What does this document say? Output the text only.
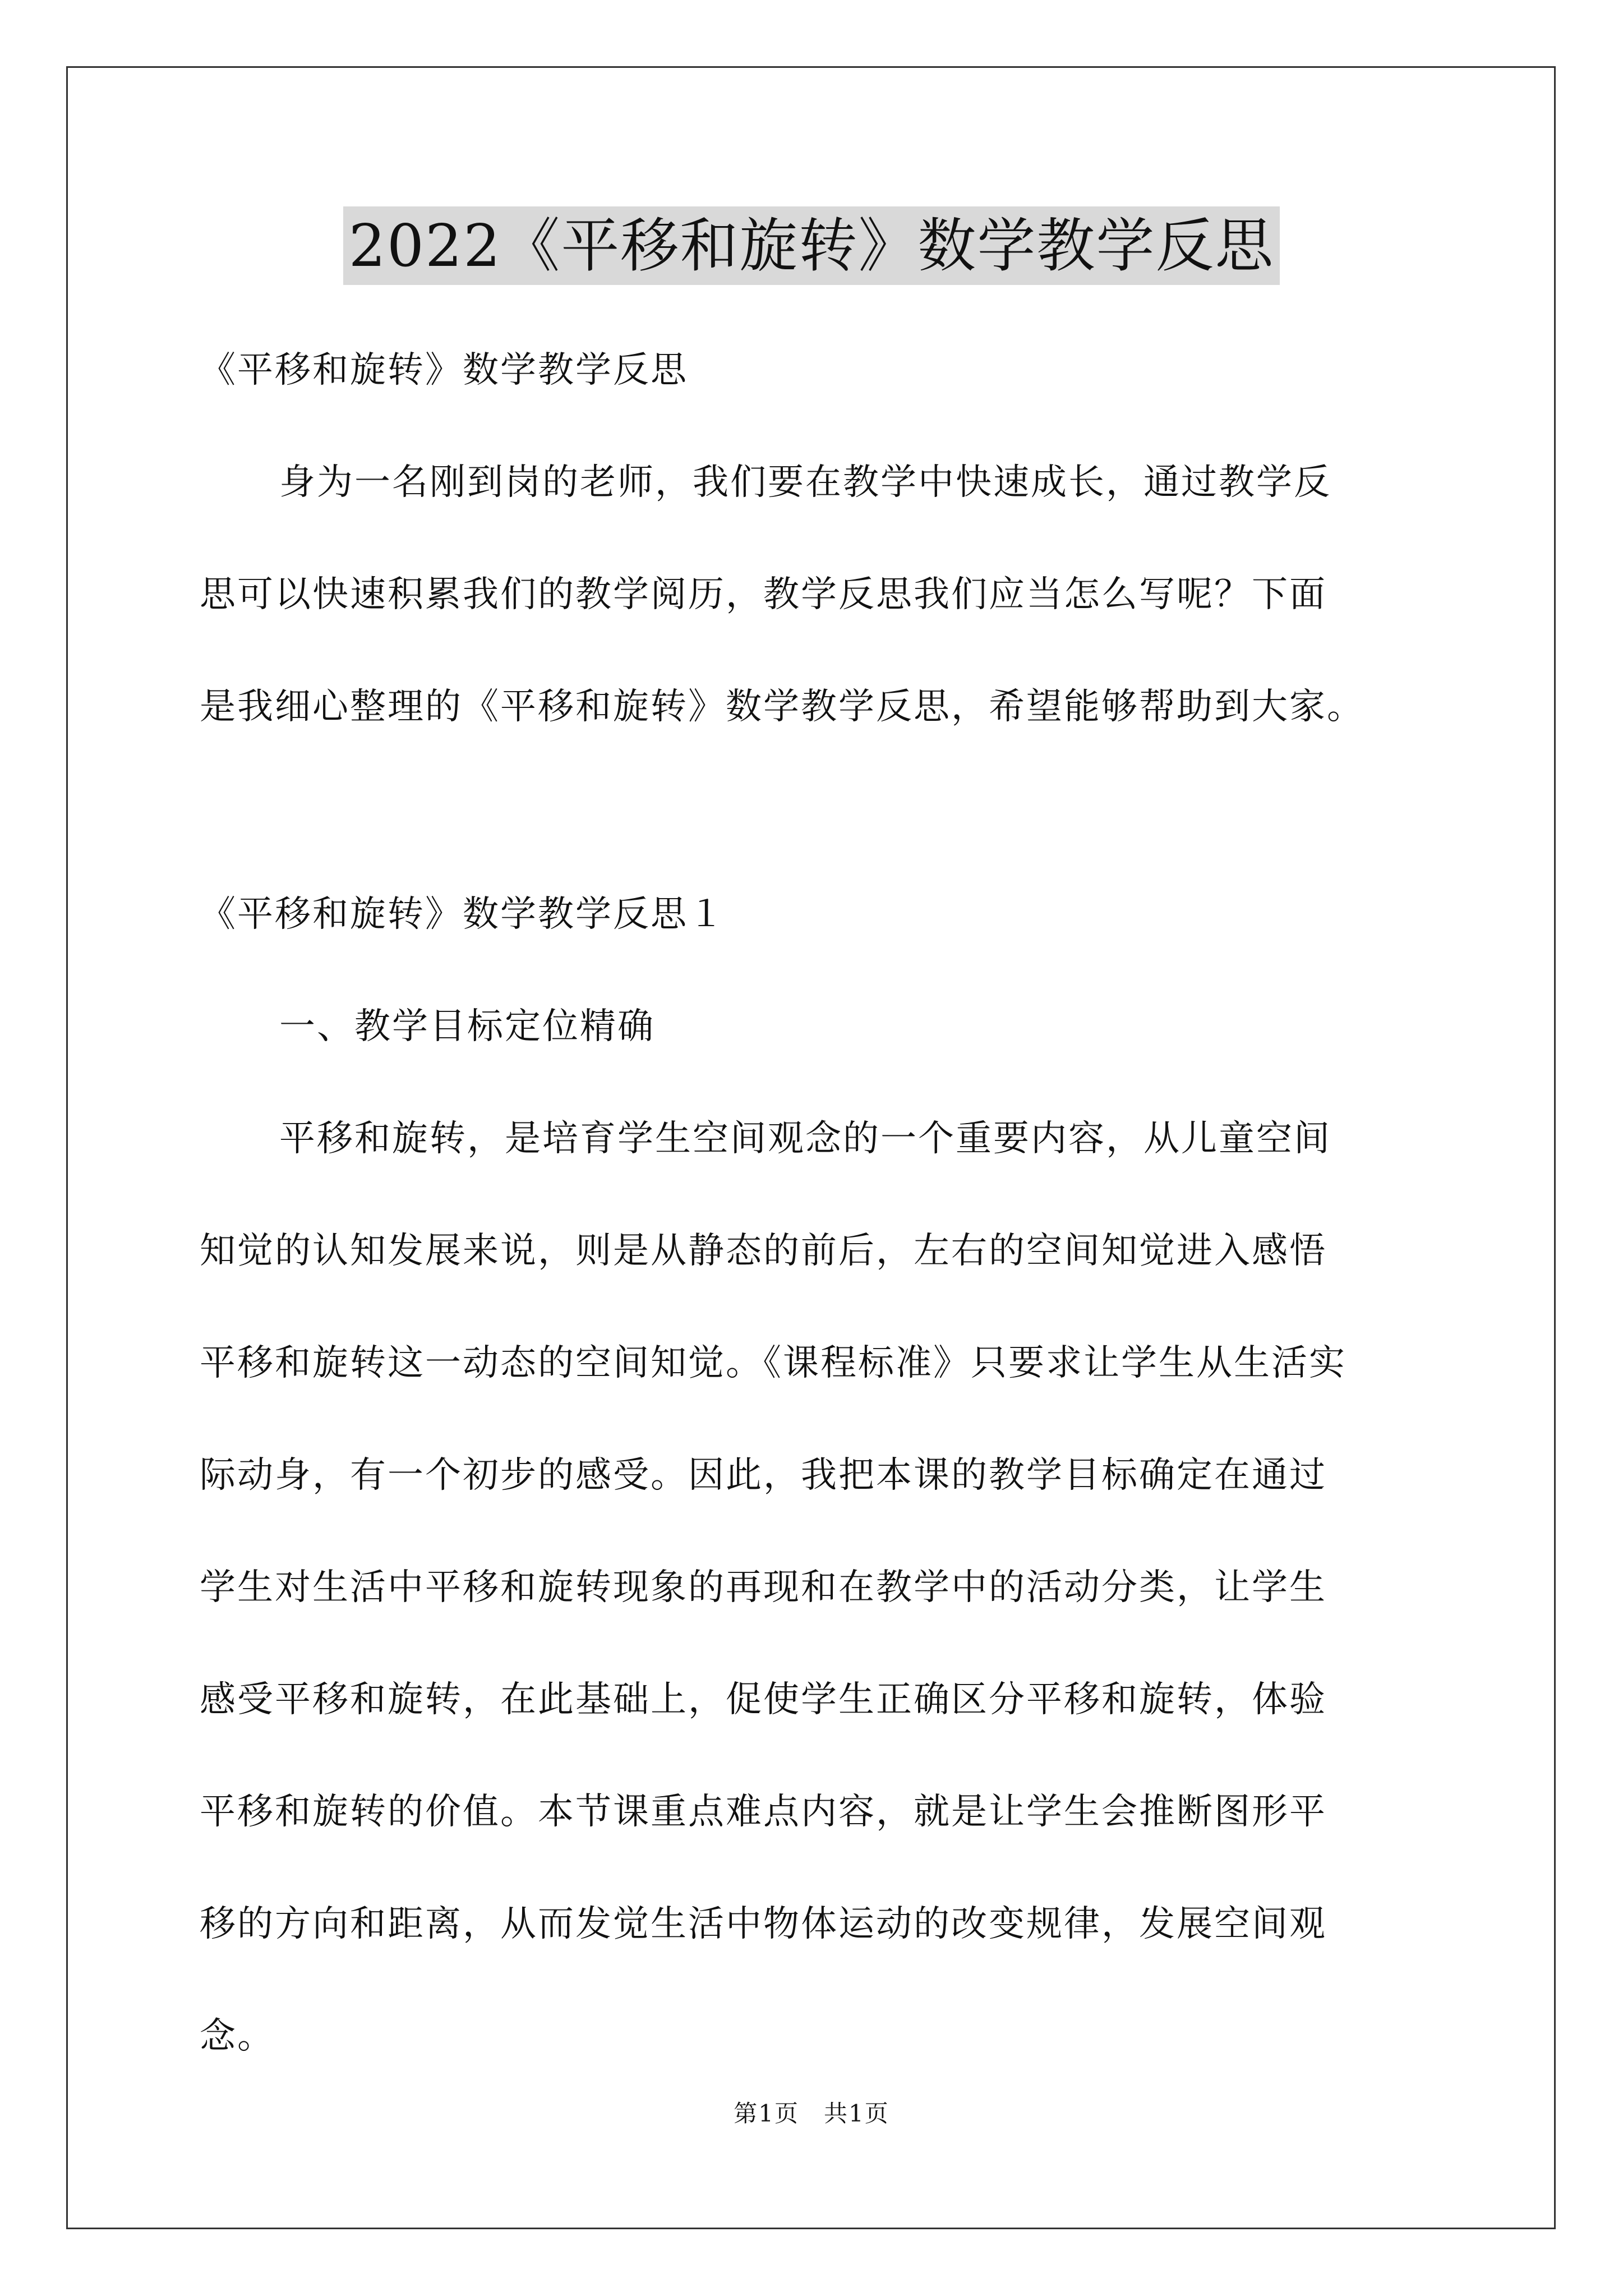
2022《平移和旋转》数学教学反思
《平移和旋转》数学教学反思
身为一名刚到岗的老师，我们要在教学中快速成长，通过教学反
思可以快速积累我们的教学阅历，教学反思我们应当怎么写呢？下面
是我细心整理的《平移和旋转》数学教学反思，希望能够帮助到大家。
《平移和旋转》数学教学反思１
一、教学目标定位精确
平移和旋转，是培育学生空间观念的一个重要内容，从儿童空间
知觉的认知发展来说，则是从静态的前后，左右的空间知觉进入感悟
平移和旋转这一动态的空间知觉。《课程标准》只要求让学生从生活实
际动身，有一个初步的感受。因此，我把本课的教学目标确定在通过
学生对生活中平移和旋转现象的再现和在教学中的活动分类，让学生
感受平移和旋转，在此基础上，促使学生正确区分平移和旋转，体验
平移和旋转的价值。本节课重点难点内容，就是让学生会推断图形平
移的方向和距离，从而发觉生活中物体运动的改变规律，发展空间观
念。
第1页 共1页
